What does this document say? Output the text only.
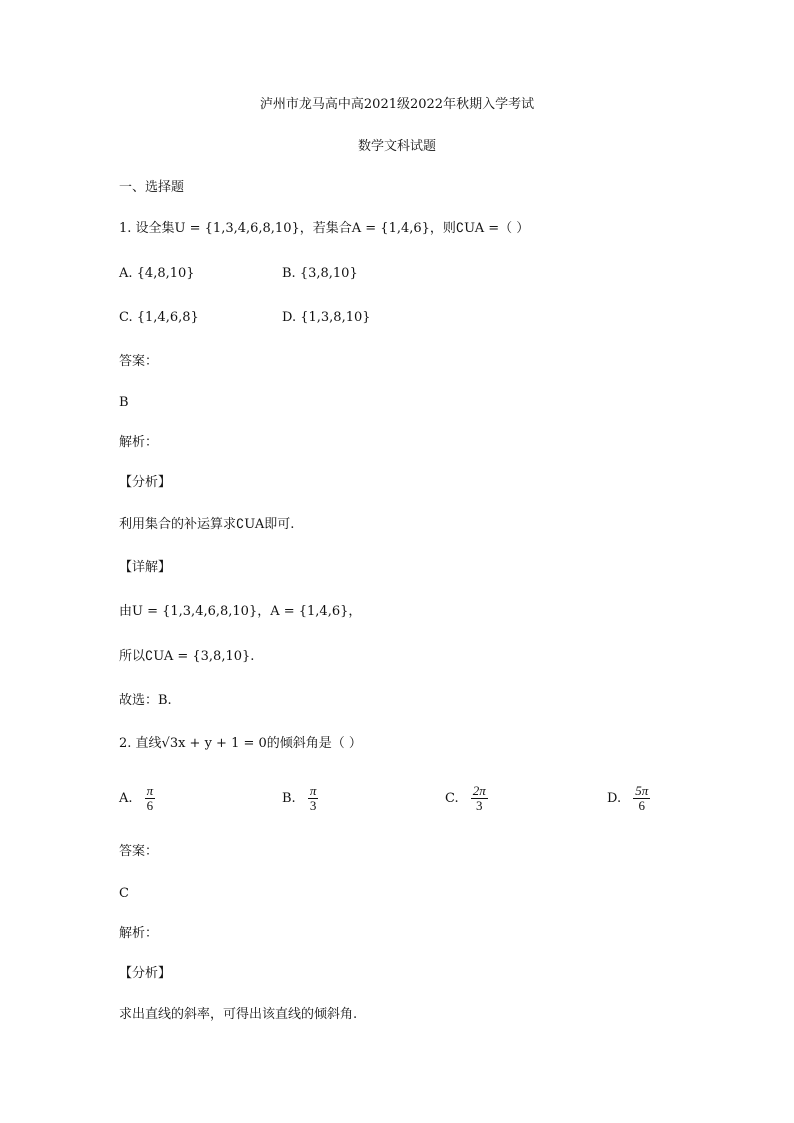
泸州市龙马高中高2021级2022年秋期入学考试
数学文科试题
一、选择题
1. 设全集U = {1,3,4,6,8,10}，若集合A = {1,4,6}，则∁UA =（ ）
A. {4,8,10}	B. {3,8,10}
C. {1,4,6,8}	D. {1,3,8,10}
答案：
B
解析：
【分析】
利用集合的补运算求∁UA即可.
【详解】
由U = {1,3,4,6,8,10}，A = {1,4,6}，
所以∁UA = {3,8,10}.
故选：B.
2. 直线√3x + y + 1 = 0的倾斜角是（ ）
A. $\frac{\pi}{6}$	B. $\frac{\pi}{3}$	C. $\frac{2\pi}{3}$	D. $\frac{5\pi}{6}$
答案：
C
解析：
【分析】
求出直线的斜率，可得出该直线的倾斜角.
